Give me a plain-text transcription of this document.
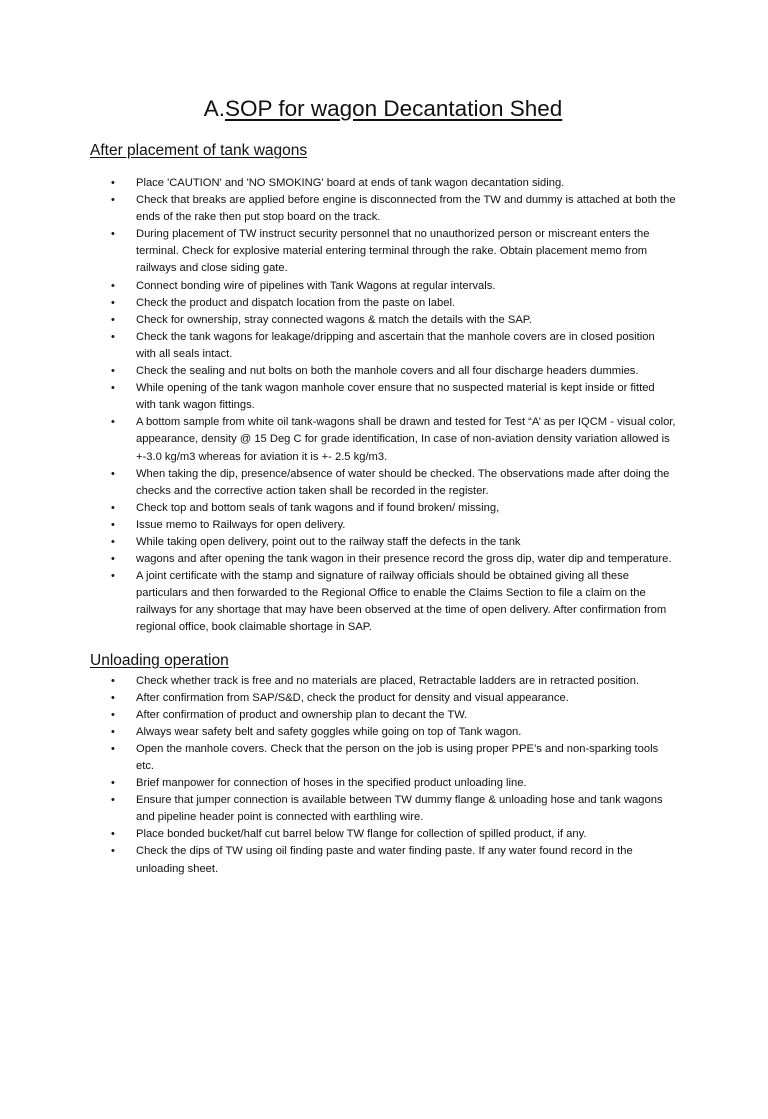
A.SOP for wagon Decantation Shed
After placement of tank wagons
• Place 'CAUTION' and 'NO SMOKING' board at ends of tank wagon decantation siding.
• Check that breaks are applied before engine is disconnected from the TW and dummy is attached at both the ends of the rake then put stop board on the track.
• During placement of TW instruct security personnel that no unauthorized person or miscreant enters the terminal. Check for explosive material entering terminal through the rake. Obtain placement memo from railways and close siding gate.
• Connect bonding wire of pipelines with Tank Wagons at regular intervals.
• Check the product and dispatch location from the paste on label.
• Check for ownership, stray connected wagons & match the details with the SAP.
• Check the tank wagons for leakage/dripping and ascertain that the manhole covers are in closed position with all seals intact.
• Check the sealing and nut bolts on both the manhole covers and all four discharge headers dummies.
• While opening of the tank wagon manhole cover ensure that no suspected material is kept inside or fitted with tank wagon fittings.
• A bottom sample from white oil tank-wagons shall be drawn and tested for Test “A’ as per IQCM - visual color, appearance, density @ 15 Deg C for grade identification, In case of non-aviation density variation allowed is +-3.0 kg/m3 whereas for aviation it is +- 2.5 kg/m3.
• When taking the dip, presence/absence of water should be checked. The observations made after doing the checks and the corrective action taken shall be recorded in the register.
• Check top and bottom seals of tank wagons and if found broken/ missing,
• Issue memo to Railways for open delivery.
• While taking open delivery, point out to the railway staff the defects in the tank
• wagons and after opening the tank wagon in their presence record the gross dip, water dip and temperature.
• A joint certificate with the stamp and signature of railway officials should be obtained giving all these particulars and then forwarded to the Regional Office to enable the Claims Section to file a claim on the railways for any shortage that may have been observed at the time of open delivery. After confirmation from regional office, book claimable shortage in SAP.
Unloading operation
• Check whether track is free and no materials are placed, Retractable ladders are in retracted position.
• After confirmation from SAP/S&D, check the product for density and visual appearance.
• After confirmation of product and ownership plan to decant the TW.
• Always wear safety belt and safety goggles while going on top of Tank wagon.
• Open the manhole covers. Check that the person on the job is using proper PPE’s and non-sparking tools etc.
• Brief manpower for connection of hoses in the specified product unloading line.
• Ensure that jumper connection is available between TW dummy flange & unloading hose and tank wagons and pipeline header point is connected with earthling wire.
• Place bonded bucket/half cut barrel below TW flange for collection of spilled product, if any.
• Check the dips of TW using oil finding paste and water finding paste. If any water found record in the unloading sheet.
